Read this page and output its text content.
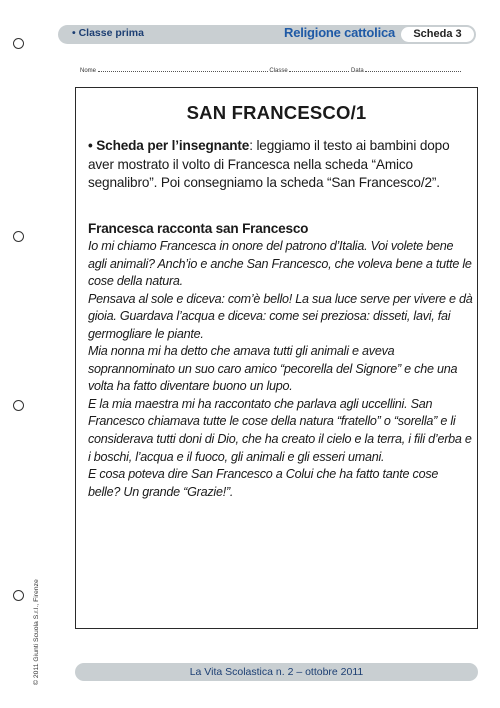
• Classe prima	Religione cattolica	Scheda 3
Nome	Classe	Data
SAN FRANCESCO/1
• Scheda per l’insegnante: leggiamo il testo ai bambini dopo aver mostrato il volto di Francesca nella scheda “Amico segnalibro”. Poi consegniamo la scheda “San Francesco/2”.
Francesca racconta san Francesco

Io mi chiamo Francesca in onore del patrono d’Italia. Voi volete bene agli animali? Anch’io e anche San Francesco, che voleva bene a tutte le cose della natura.

Pensava al sole e diceva: com’è bello! La sua luce serve per vivere e dà gioia. Guardava l’acqua e diceva: come sei preziosa: disseti, lavi, fai germogliare le piante.

Mia nonna mi ha detto che amava tutti gli animali e aveva soprannominato un suo caro amico “pecorella del Signore” e che una volta ha fatto diventare buono un lupo.

E la mia maestra mi ha raccontato che parlava agli uccellini. San Francesco chiamava tutte le cose della natura “fratello” o “sorella” e li considerava tutti doni di Dio, che ha creato il cielo e la terra, i fili d’erba e i boschi, l’acqua e il fuoco, gli animali e gli esseri umani.

E cosa poteva dire San Francesco a Colui che ha fatto tante cose belle? Un grande “Grazie!”.

© 2011 Giunti Scuola S.r.l., Firenze	La Vita Scolastica n. 2 – ottobre 2011
